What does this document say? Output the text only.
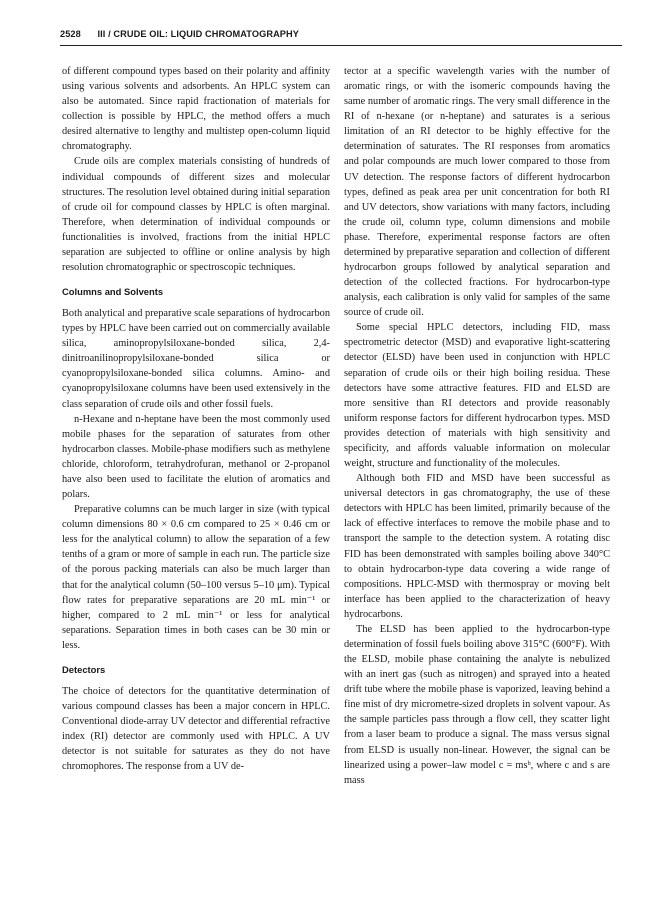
2528 III / CRUDE OIL: LIQUID CHROMATOGRAPHY

of different compound types based on their polarity and affinity using various solvents and adsorbents. An HPLC system can also be automated. Since rapid fractionation of materials for collection is possible by HPLC, the method offers a much desired alternative to lengthy and multistep open-column liquid chromatography.

Crude oils are complex materials consisting of hundreds of individual compounds of different sizes and molecular structures. The resolution level obtained during initial separation of crude oil for compound classes by HPLC is often marginal. Therefore, when determination of individual compounds or functionalities is involved, fractions from the initial HPLC separation are subjected to offline or online analysis by high resolution chromatographic or spectroscopic techniques.

Columns and Solvents

Both analytical and preparative scale separations of hydrocarbon types by HPLC have been carried out on commercially available silica, aminopropylsiloxane-bonded silica, 2,4-dinitroanilinopropylsiloxane-bonded silica or cyanopropylsiloxane-bonded silica columns. Amino- and cyanopropylsiloxane columns have been used extensively in the class separation of crude oils and other fossil fuels.

n-Hexane and n-heptane have been the most commonly used mobile phases for the separation of saturates from other hydrocarbon classes. Mobile-phase modifiers such as methylene chloride, chloroform, tetrahydrofuran, methanol or 2-propanol have also been used to facilitate the elution of aromatics and polars.

Preparative columns can be much larger in size (with typical column dimensions 80 × 0.6 cm compared to 25 × 0.46 cm or less for the analytical column) to allow the separation of a few tenths of a gram or more of sample in each run. The particle size of the porous packing materials can also be much larger than that for the analytical column (50–100 versus 5–10 μm). Typical flow rates for preparative separations are 20 mL min⁻¹ or higher, compared to 2 mL min⁻¹ or less for analytical separations. Separation times in both cases can be 30 min or less.

Detectors

The choice of detectors for the quantitative determination of various compound classes has been a major concern in HPLC. Conventional diode-array UV detector and differential refractive index (RI) detector are commonly used with HPLC. A UV detector is not suitable for saturates as they do not have chromophores. The response from a UV de-

tector at a specific wavelength varies with the number of aromatic rings, or with the isomeric compounds having the same number of aromatic rings. The very small difference in the RI of n-hexane (or n-heptane) and saturates is a serious limitation of an RI detector to be highly effective for the determination of saturates. The RI responses from aromatics and polar compounds are much lower compared to those from UV detection. The response factors of different hydrocarbon types, defined as peak area per unit concentration for both RI and UV detectors, show variations with many factors, including the crude oil, column type, column dimensions and mobile phase. Therefore, experimental response factors are often determined by preparative separation and collection of different hydrocarbon groups followed by analytical separation and detection of the collected fractions. For hydrocarbon-type analysis, each calibration is only valid for samples of the same source of crude oil.

Some special HPLC detectors, including FID, mass spectrometric detector (MSD) and evaporative light-scattering detector (ELSD) have been used in conjunction with HPLC separation of crude oils or their high boiling residua. These detectors have some attractive features. FID and ELSD are more sensitive than RI detectors and provide reasonably uniform response factors for different hydrocarbon types. MSD provides detection of materials with high sensitivity and specificity, and affords valuable information on molecular weight, structure and functionality of the molecules.

Although both FID and MSD have been successful as universal detectors in gas chromatography, the use of these detectors with HPLC has been limited, primarily because of the lack of effective interfaces to remove the mobile phase and to transport the sample to the detection system. A rotating disc FID has been demonstrated with samples boiling above 340°C to obtain hydrocarbon-type data covering a wide range of compositions. HPLC-MSD with thermospray or moving belt interface has been applied to the characterization of heavy hydrocarbons.

The ELSD has been applied to the hydrocarbon-type determination of fossil fuels boiling above 315°C (600°F). With the ELSD, mobile phase containing the analyte is nebulized with an inert gas (such as nitrogen) and sprayed into a heated drift tube where the mobile phase is vaporized, leaving behind a fine mist of dry micrometre-sized droplets in solvent vapour. As the sample particles pass through a flow cell, they scatter light from a laser beam to produce a signal. The mass versus signal from ELSD is usually non-linear. However, the signal can be linearized using a power–law model c = msᵇ, where c and s are mass
